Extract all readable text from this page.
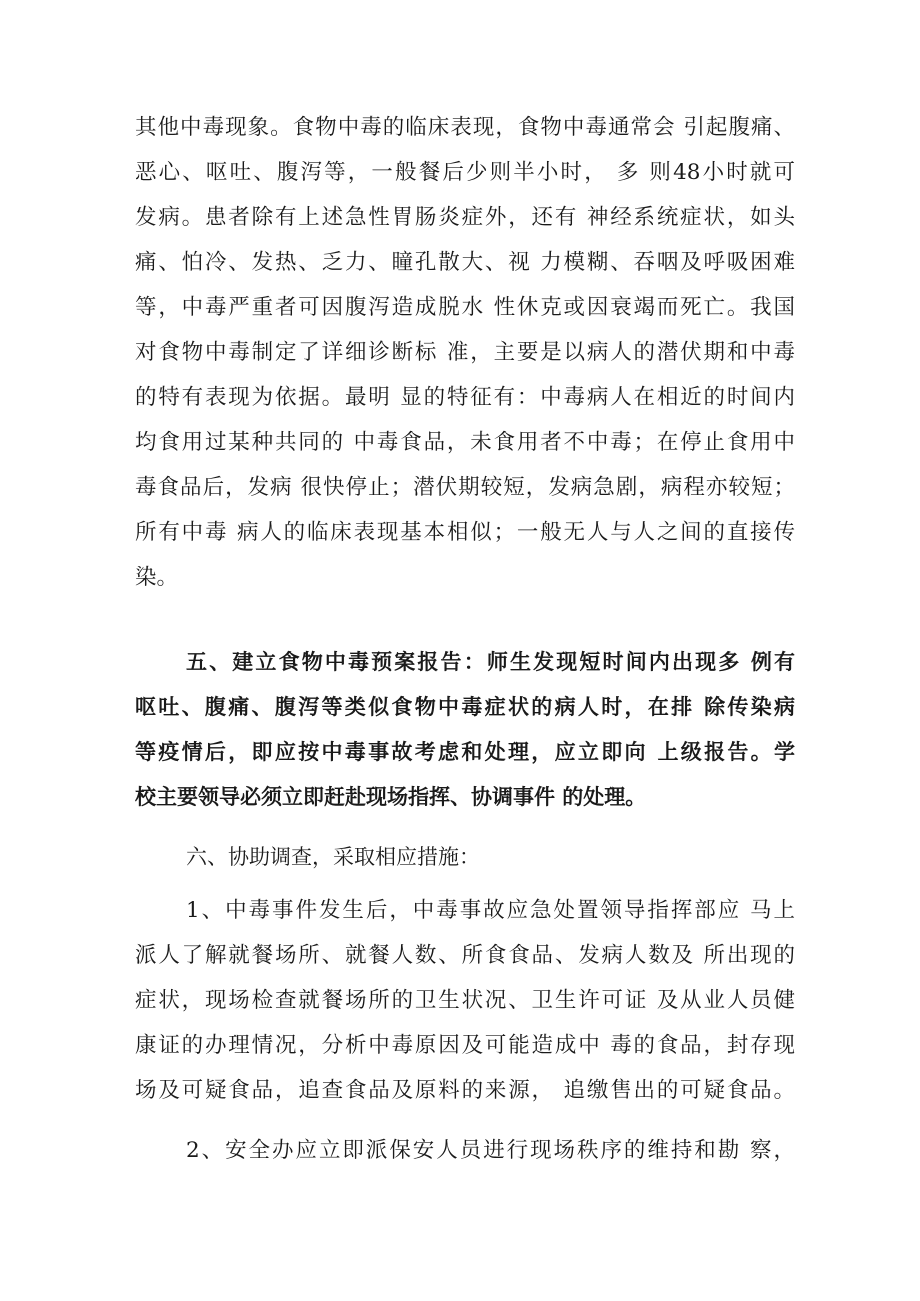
其他中毒现象。食物中毒的临床表现，食物中毒通常会 引起腹痛、
恶心、呕吐、腹泻等，一般餐后少则半小时， 多 则48小时就可
发病。患者除有上述急性胃肠炎症外，还有 神经系统症状，如头
痛、怕冷、发热、乏力、瞳孔散大、视 力模糊、吞咽及呼吸困难
等，中毒严重者可因腹泻造成脱水 性休克或因衰竭而死亡。我国
对食物中毒制定了详细诊断标 准，主要是以病人的潜伏期和中毒
的特有表现为依据。最明 显的特征有：中毒病人在相近的时间内
均食用过某种共同的 中毒食品，未食用者不中毒；在停止食用中
毒食品后，发病 很快停止；潜伏期较短，发病急剧，病程亦较短；
所有中毒 病人的临床表现基本相似；一般无人与人之间的直接传
染。
五、建立食物中毒预案报告：师生发现短时间内出现多 例有
呕吐、腹痛、腹泻等类似食物中毒症状的病人时，在排 除传染病
等疫情后，即应按中毒事故考虑和处理，应立即向 上级报告。学
校主要领导必须立即赶赴现场指挥、协调事件 的处理。
六、协助调查，采取相应措施：
1、中毒事件发生后，中毒事故应急处置领导指挥部应 马上
派人了解就餐场所、就餐人数、所食食品、发病人数及 所出现的
症状，现场检查就餐场所的卫生状况、卫生许可证 及从业人员健
康证的办理情况，分析中毒原因及可能造成中 毒的食品，封存现
场及可疑食品，追查食品及原料的来源， 追缴售出的可疑食品。
2、安全办应立即派保安人员进行现场秩序的维持和勘 察，
